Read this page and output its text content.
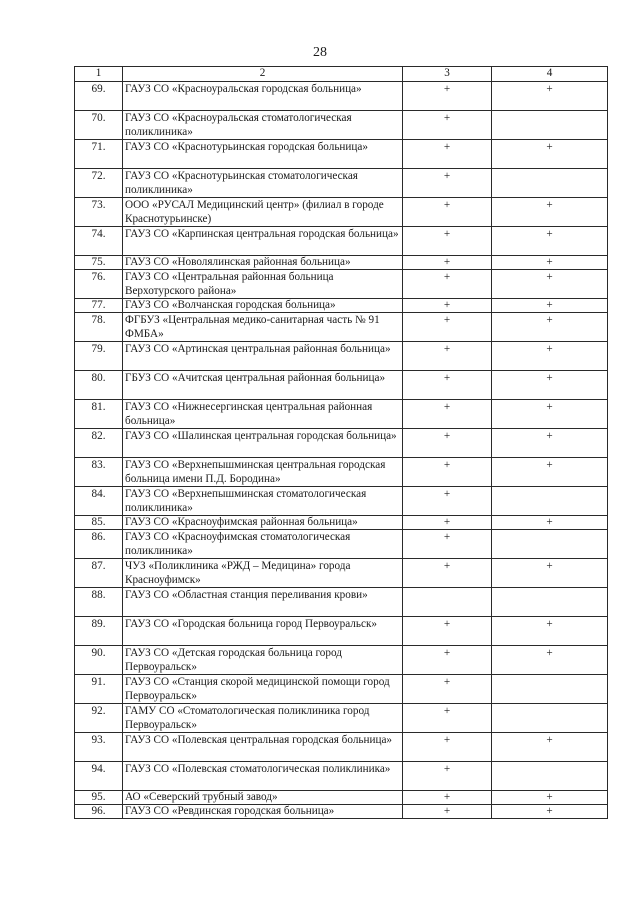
28
1	2	3	4
69.	ГАУЗ СО «Красноуральская городская больница»	+	+
70.	ГАУЗ СО «Красноуральская стоматологическая поликлиника»	+	
71.	ГАУЗ СО «Краснотурьинская городская больница»	+	+
72.	ГАУЗ СО «Краснотурьинская стоматологическая поликлиника»	+	
73.	ООО «РУСАЛ Медицинский центр» (филиал в городе Краснотурьинске)	+	+
74.	ГАУЗ СО «Карпинская центральная городская больница»	+	+
75.	ГАУЗ СО «Новолялинская районная больница»	+	+
76.	ГАУЗ СО «Центральная районная больница Верхотурского района»	+	+
77.	ГАУЗ СО «Волчанская городская больница»	+	+
78.	ФГБУЗ «Центральная медико-санитарная часть № 91 ФМБА»	+	+
79.	ГАУЗ СО «Артинская центральная районная больница»	+	+
80.	ГБУЗ СО «Ачитская центральная районная больница»	+	+
81.	ГАУЗ СО «Нижнесергинская центральная районная больница»	+	+
82.	ГАУЗ СО «Шалинская центральная городская больница»	+	+
83.	ГАУЗ СО «Верхнепышминская центральная городская больница имени П.Д. Бородина»	+	+
84.	ГАУЗ СО «Верхнепышминская стоматологическая поликлиника»	+	
85.	ГАУЗ СО «Красноуфимская районная больница»	+	+
86.	ГАУЗ СО «Красноуфимская стоматологическая поликлиника»	+	
87.	ЧУЗ «Поликлиника «РЖД – Медицина» города Красноуфимск»	+	+
88.	ГАУЗ СО «Областная станция переливания крови»		
89.	ГАУЗ СО «Городская больница город Первоуральск»	+	+
90.	ГАУЗ СО «Детская городская больница город Первоуральск»	+	+
91.	ГАУЗ СО «Станция скорой медицинской помощи город Первоуральск»	+	
92.	ГАМУ СО «Стоматологическая поликлиника город Первоуральск»	+	
93.	ГАУЗ СО «Полевская центральная городская больница»	+	+
94.	ГАУЗ СО «Полевская стоматологическая поликлиника»	+	
95.	АО «Северский трубный завод»	+	+
96.	ГАУЗ СО «Ревдинская городская больница»	+	+
